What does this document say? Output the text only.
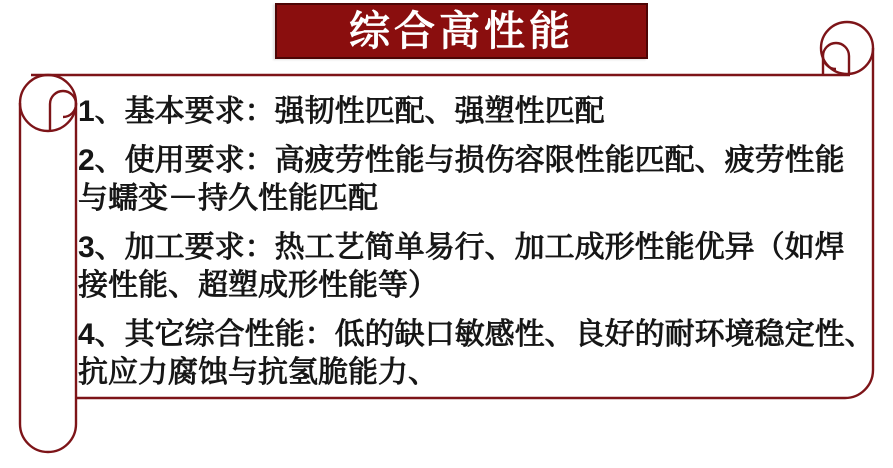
综合高性能
1、基本要求：强韧性匹配、强塑性匹配
2、使用要求：高疲劳性能与损伤容限性能匹配、疲劳性能
与蠕变－持久性能匹配
3、加工要求：热工艺简单易行、加工成形性能优异（如焊
接性能、超塑成形性能等）
4、其它综合性能：低的缺口敏感性、良好的耐环境稳定性、
抗应力腐蚀与抗氢脆能力、
